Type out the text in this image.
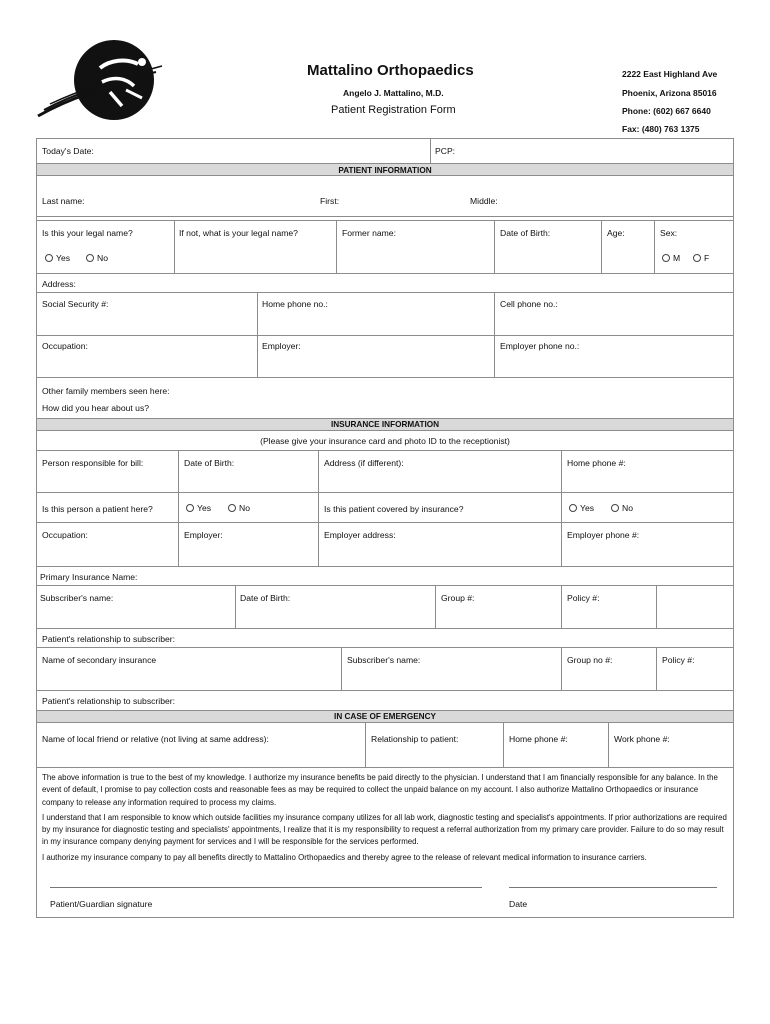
Mattalino Orthopaedics
Angelo J. Mattalino, M.D.
Patient Registration Form
2222 East Highland Ave
Phoenix, Arizona 85016
Phone: (602) 667 6640
Fax: (480) 763 1375
Today's Date:	PCP:
PATIENT INFORMATION
Last name:	First:	Middle:
Is this your legal name?	If not, what is your legal name?	Former name:	Date of Birth:	Age:	Sex:
Yes	No	M	F
Address:
Social Security #:	Home phone no.:	Cell phone no.:
Occupation:	Employer:	Employer phone no.:
Other family members seen here:
How did you hear about us?
INSURANCE INFORMATION
(Please give your insurance card and photo ID to the receptionist)
Person responsible for bill:	Date of Birth:	Address (if different):	Home phone #:
Is this person a patient here?	Yes	No	Is this patient covered by insurance?	Yes	No
Occupation:	Employer:	Employer address:	Employer phone #:
Primary Insurance Name:
Subscriber's name:	Date of Birth:	Group #:	Policy #:
Patient's relationship to subscriber:
Name of secondary insurance	Subscriber's name:	Group no #:	Policy #:
Patient's relationship to subscriber:
IN CASE OF EMERGENCY
Name of local friend or relative (not living at same address):	Relationship to patient:	Home phone #:	Work phone #:

The above information is true to the best of my knowledge. I authorize my insurance benefits be paid directly to the physician. I understand that I am financially responsible for any balance. In the event of default, I promise to pay collection costs and reasonable fees as may be required to collect the unpaid balance on my account. I also authorize Mattalino Orthopaedics or insurance company to release any information required to process my claims.

I understand that I am responsible to know which outside facilities my insurance company utilizes for all lab work, diagnostic testing and specialist's appointments. If prior authorizations are required by my insurance for diagnostic testing and specialists' appointments, I realize that it is my responsibility to request a referral authorization from my primary care provider. Failure to do so may result in my insurance company denying payment for services and I will be responsible for the services performed.

I authorize my insurance company to pay all benefits directly to Mattalino Orthopaedics and thereby agree to the release of relevant medical information to insurance carriers.

Patient/Guardian signature	Date
